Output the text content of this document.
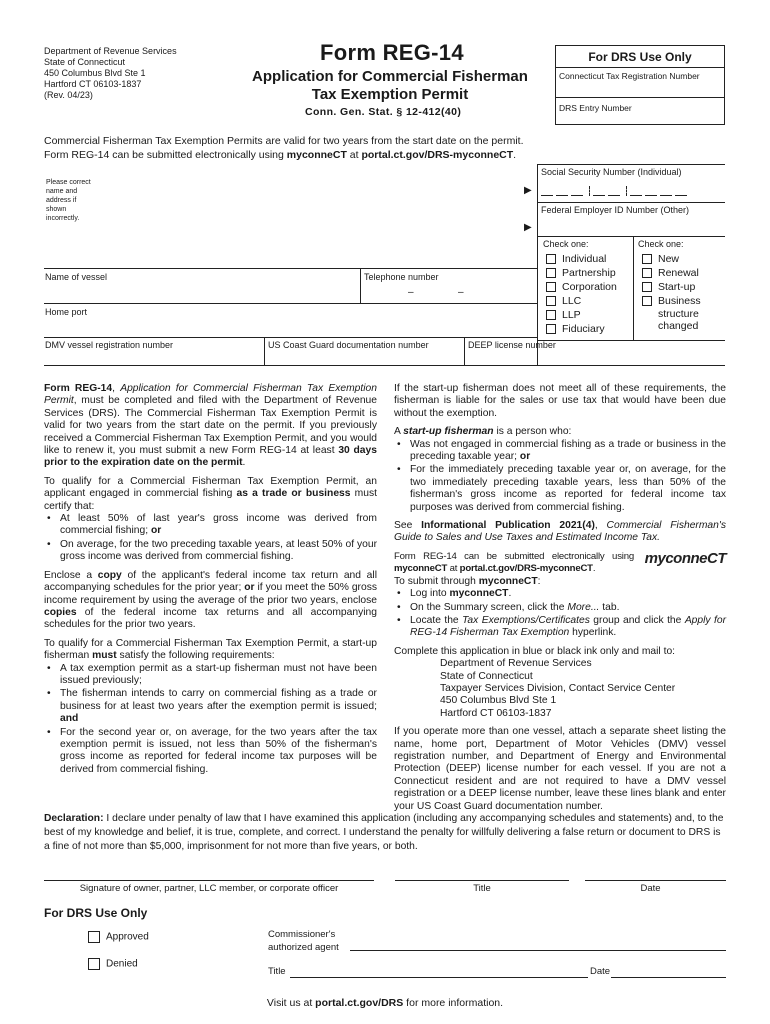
Department of Revenue Services
State of Connecticut
450 Columbus Blvd Ste 1
Hartford CT 06103-1837
(Rev. 04/23)
Form REG-14
Application for Commercial Fisherman
Tax Exemption Permit
Conn. Gen. Stat. § 12-412(40)
For DRS Use Only
Connecticut Tax Registration Number
DRS Entry Number
Commercial Fisherman Tax Exemption Permits are valid for two years from the start date on the permit.
Form REG-14 can be submitted electronically using myconneCT at portal.ct.gov/DRS-myconneCT.
Please correct
name and
address if
shown
incorrectly.
▶
▶
Social Security Number (Individual)
Federal Employer ID Number (Other)
Check one:
Individual
Partnership
Corporation
LLC
LLP
Fiduciary
Check one:
New
Renewal
Start-up
Business
structure
changed
Name of vessel	Telephone number
–	–
Home port
DMV vessel registration number	US Coast Guard documentation number	DEEP license number

Form REG-14, Application for Commercial Fisherman Tax Exemption Permit, must be completed and filed with the Department of Revenue Services (DRS). The Commercial Fisherman Tax Exemption Permit is valid for two years from the start date on the permit. If you previously received a Commercial Fisherman Tax Exemption Permit, and you would like to renew it, you must submit a new Form REG-14 at least 30 days prior to the expiration date on the permit.

To qualify for a Commercial Fisherman Tax Exemption Permit, an applicant engaged in commercial fishing as a trade or business must certify that:

• At least 50% of last year's gross income was derived from commercial fishing; or
• On average, for the two preceding taxable years, at least 50% of your gross income was derived from commercial fishing.

Enclose a copy of the applicant's federal income tax return and all accompanying schedules for the prior year; or if you meet the 50% gross income requirement by using the average of the prior two years, enclose copies of the federal income tax returns and all accompanying schedules for the prior two years.

To qualify for a Commercial Fisherman Tax Exemption Permit, a start-up fisherman must satisfy the following requirements:

• A tax exemption permit as a start-up fisherman must not have been issued previously;
• The fisherman intends to carry on commercial fishing as a trade or business for at least two years after the exemption permit is issued; and
• For the second year or, on average, for the two years after the tax exemption permit is issued, not less than 50% of the fisherman's gross income as reported for federal income tax purposes will be derived from commercial fishing.

If the start-up fisherman does not meet all of these requirements, the fisherman is liable for the sales or use tax that would have been due without the exemption.

A start-up fisherman is a person who:

• Was not engaged in commercial fishing as a trade or business in the preceding taxable year; or
• For the immediately preceding taxable year or, on average, for the two immediately preceding taxable years, less than 50% of the fisherman's gross income as reported for federal income tax purposes was derived from commercial fishing.

See Informational Publication 2021(4), Commercial Fisherman's Guide to Sales and Use Taxes and Estimated Income Tax.

Form REG-14 can be submitted electronically using myconneCT at portal.ct.gov/DRS-myconneCT.

myconneCT

To submit through myconneCT:

• Log into myconneCT.
• On the Summary screen, click the More... tab.
• Locate the Tax Exemptions/Certificates group and click the Apply for REG-14 Fisherman Tax Exemption hyperlink.

Complete this application in blue or black ink only and mail to:

Department of Revenue Services
State of Connecticut
Taxpayer Services Division, Contact Service Center
450 Columbus Blvd Ste 1
Hartford CT 06103-1837

If you operate more than one vessel, attach a separate sheet listing the name, home port, Department of Motor Vehicles (DMV) vessel registration number, and Department of Energy and Environmental Protection (DEEP) license number for each vessel. If you are not a Connecticut resident and are not required to have a DMV vessel registration or a DEEP license number, leave these lines blank and enter your US Coast Guard documentation number.

Declaration: I declare under penalty of law that I have examined this application (including any accompanying schedules and statements) and, to the best of my knowledge and belief, it is true, complete, and correct. I understand the penalty for willfully delivering a false return or document to DRS is a fine of not more than $5,000, imprisonment for not more than five years, or both.
Signature of owner, partner, LLC member, or corporate officer	Title	Date
For DRS Use Only
Approved
Denied
Commissioner's
authorized agent
Title	Date
Visit us at portal.ct.gov/DRS for more information.
